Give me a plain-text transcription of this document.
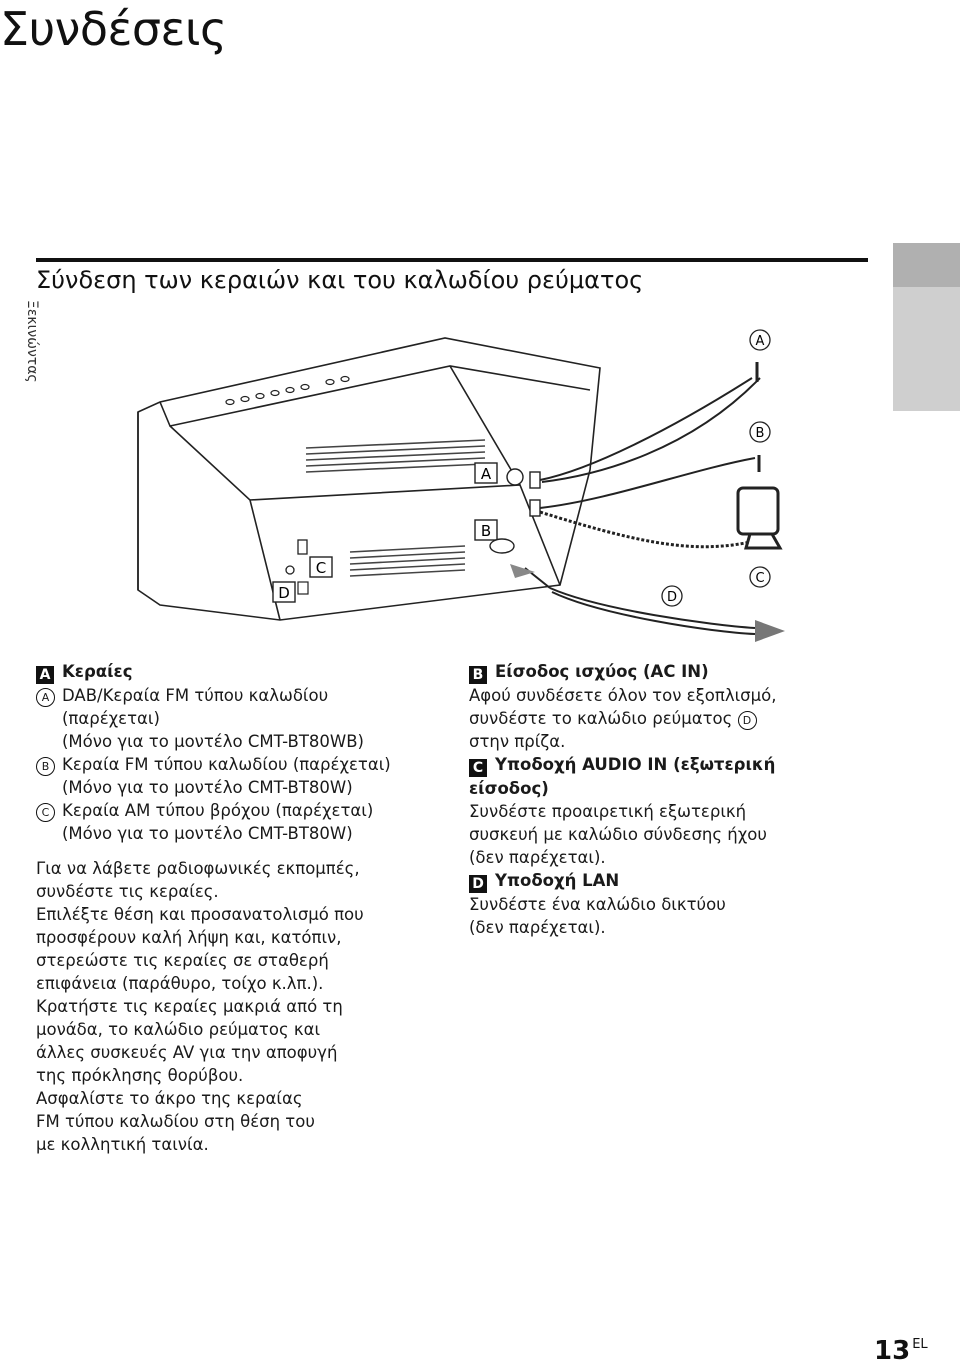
Συνδέσεις
Ξεκινώντας
Σύνδεση των κεραιών και του καλωδίου ρεύματος
A
B
C
D
A
B
C
D
A Κεραίες
A DAB/Κεραία FM τύπου καλωδίου
(παρέχεται)
(Μόνο για το μοντέλο CMT-BT80WB)
B Κεραία FM τύπου καλωδίου (παρέχεται)
(Μόνο για το μοντέλο CMT-BT80W)
C Κεραία AM τύπου βρόχου (παρέχεται)
(Μόνο για το μοντέλο CMT-BT80W)
Για να λάβετε ραδιοφωνικές εκπομπές,
συνδέστε τις κεραίες.
Επιλέξτε θέση και προσανατολισμό που
προσφέρουν καλή λήψη και, κατόπιν,
στερεώστε τις κεραίες σε σταθερή
επιφάνεια (παράθυρο, τοίχο κ.λπ.).
Κρατήστε τις κεραίες μακριά από τη
μονάδα, το καλώδιο ρεύματος και
άλλες συσκευές AV για την αποφυγή
της πρόκλησης θορύβου.
Ασφαλίστε το άκρο της κεραίας
FM τύπου καλωδίου στη θέση του
με κολλητική ταινία.
B Είσοδος ισχύος (AC IN)
Αφού συνδέσετε όλον τον εξοπλισμό,
συνδέστε το καλώδιο ρεύματος D
στην πρίζα.
C Υποδοχή AUDIO IN (εξωτερική
είσοδος)
Συνδέστε προαιρετική εξωτερική
συσκευή με καλώδιο σύνδεσης ήχου
(δεν παρέχεται).
D Υποδοχή LAN
Συνδέστε ένα καλώδιο δικτύου
(δεν παρέχεται).
13 $^{EL}$
